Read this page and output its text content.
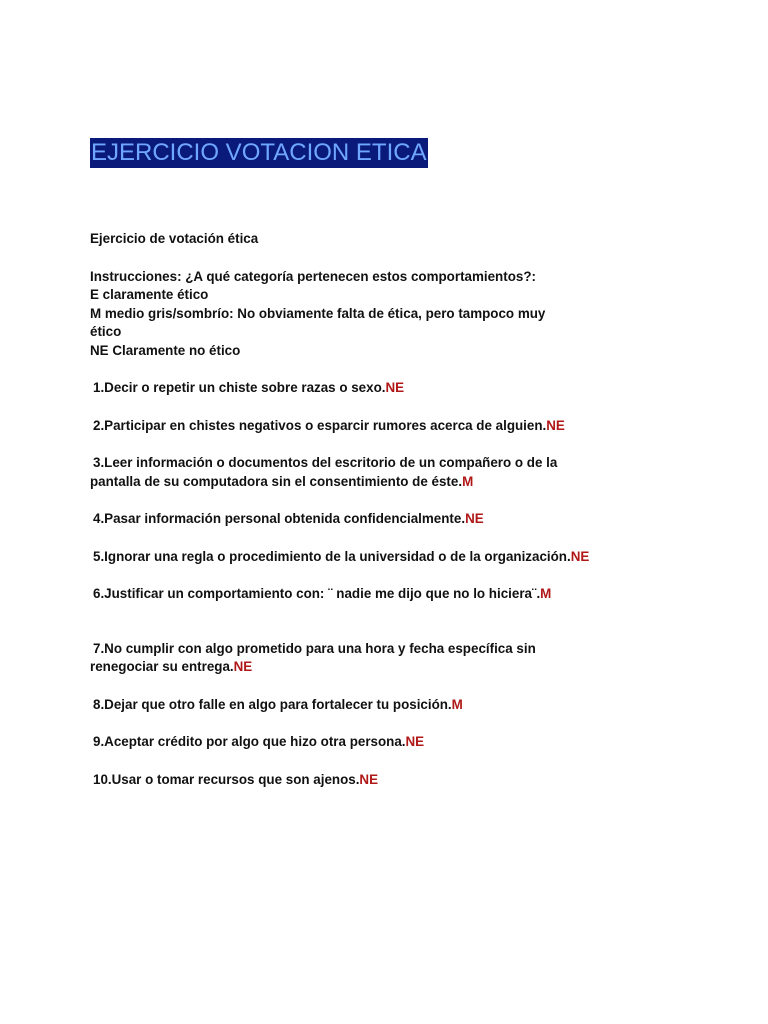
EJERCICIO VOTACION ETICA

Ejercicio de votación ética

Instrucciones: ¿A qué categoría pertenecen estos comportamientos?:

E claramente ético

M medio gris/sombrío: No obviamente falta de ética, pero tampoco muy

ético

NE Claramente no ético

1.Decir o repetir un chiste sobre razas o sexo.NE

2.Participar en chistes negativos o esparcir rumores acerca de alguien.NE

3.Leer información o documentos del escritorio de un compañero o de la
pantalla de su computadora sin el consentimiento de éste.M

4.Pasar información personal obtenida confidencialmente.NE

5.Ignorar una regla o procedimiento de la universidad o de la organización.NE

6.Justificar un comportamiento con: ¨ nadie me dijo que no lo hiciera¨.M

7.No cumplir con algo prometido para una hora y fecha específica sin
renegociar su entrega.NE

8.Dejar que otro falle en algo para fortalecer tu posición.M

9.Aceptar crédito por algo que hizo otra persona.NE

10.Usar o tomar recursos que son ajenos.NE
